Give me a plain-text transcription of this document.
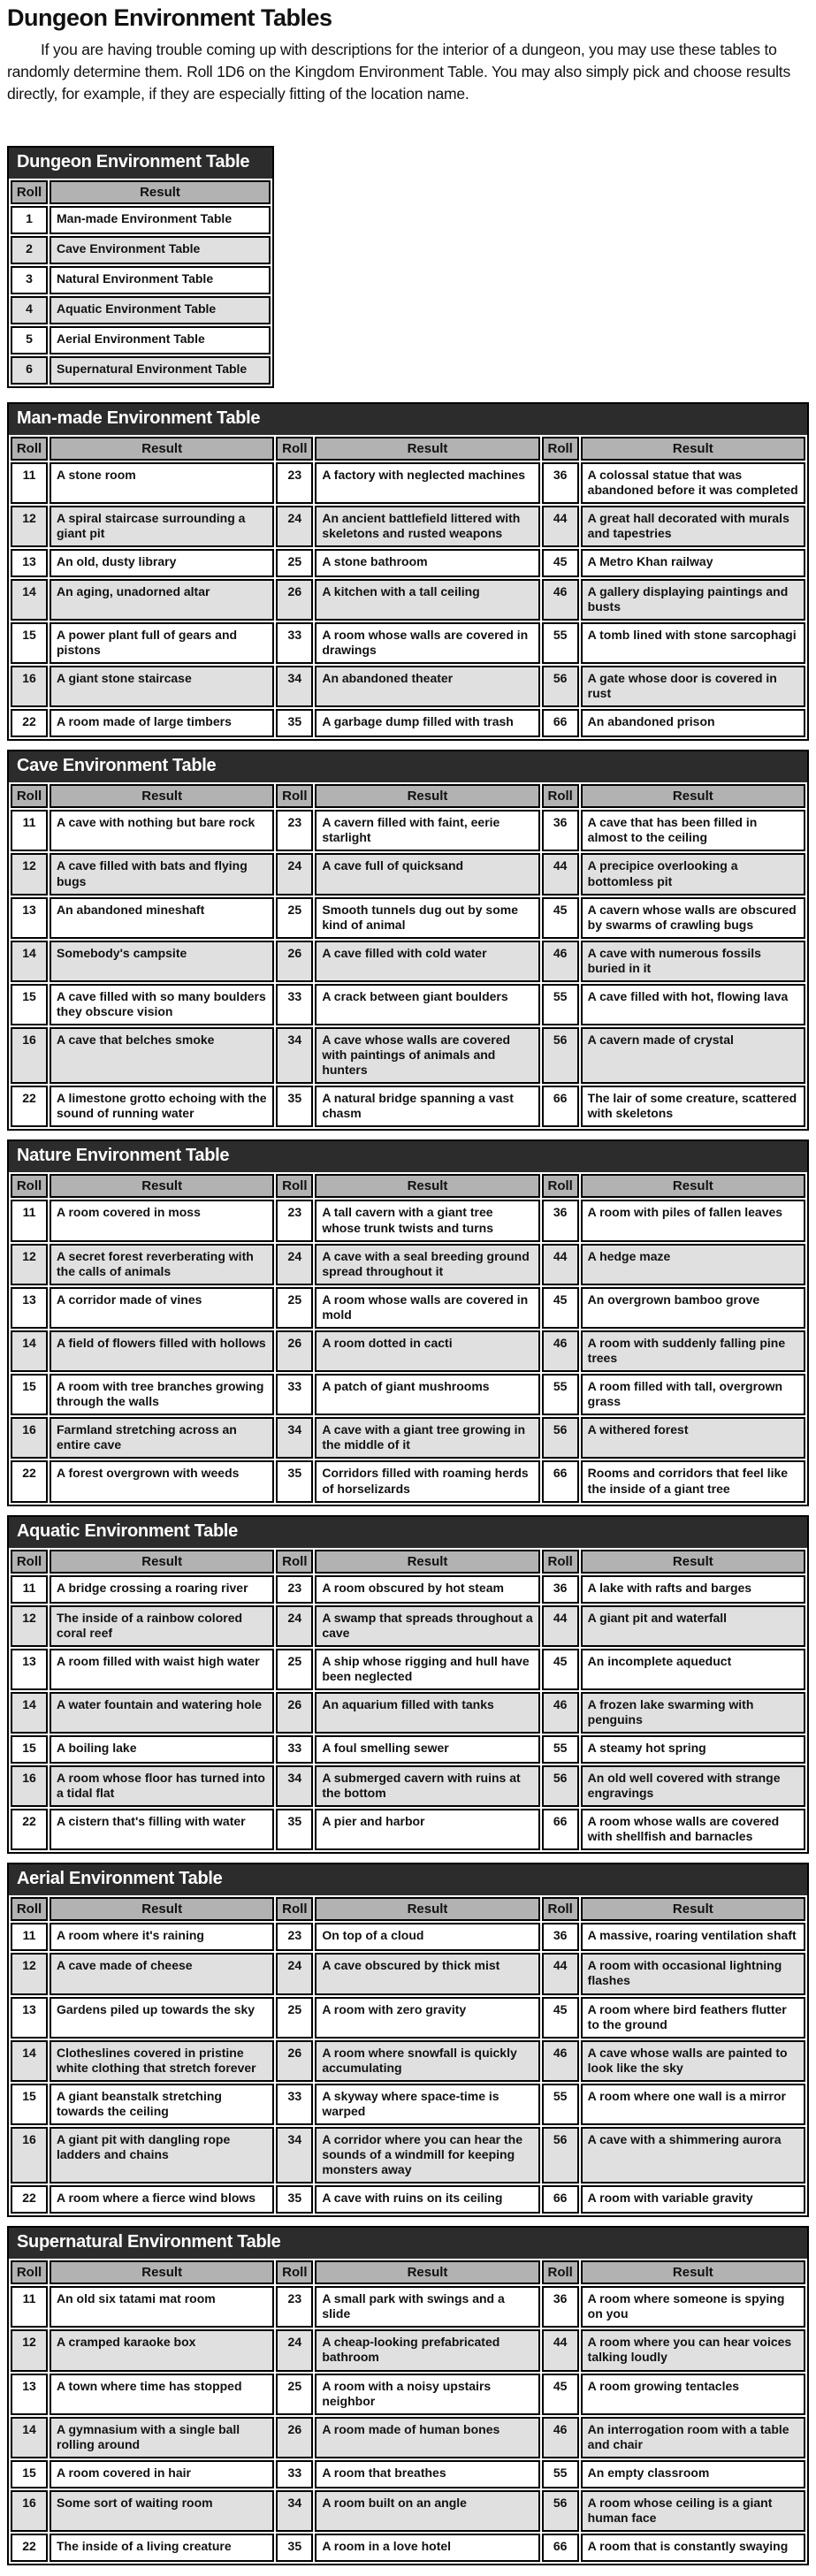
Dungeon Environment Tables

If you are having trouble coming up with descriptions for the interior of a dungeon, you may use these tables to randomly determine them. Roll 1D6 on the Kingdom Environment Table. You may also simply pick and choose results directly, for example, if they are especially fitting of the location name.

Dungeon Environment Table
Roll	Result
1	Man-made Environment Table
2	Cave Environment Table
3	Natural Environment Table
4	Aquatic Environment Table
5	Aerial Environment Table
6	Supernatural Environment Table
Man-made Environment Table
Roll	Result	Roll	Result	Roll	Result
11	A stone room	23	A factory with neglected machines	36	A colossal statue that was abandoned before it was completed
12	A spiral staircase surrounding a giant pit	24	An ancient battlefield littered with skeletons and rusted weapons	44	A great hall decorated with murals and tapestries
13	An old, dusty library	25	A stone bathroom	45	A Metro Khan railway
14	An aging, unadorned altar	26	A kitchen with a tall ceiling	46	A gallery displaying paintings and busts
15	A power plant full of gears and pistons	33	A room whose walls are covered in drawings	55	A tomb lined with stone sarcophagi
16	A giant stone staircase	34	An abandoned theater	56	A gate whose door is covered in rust
22	A room made of large timbers	35	A garbage dump filled with trash	66	An abandoned prison
Cave Environment Table
Roll	Result	Roll	Result	Roll	Result
11	A cave with nothing but bare rock	23	A cavern filled with faint, eerie starlight	36	A cave that has been filled in almost to the ceiling
12	A cave filled with bats and flying bugs	24	A cave full of quicksand	44	A precipice overlooking a bottomless pit
13	An abandoned mineshaft	25	Smooth tunnels dug out by some kind of animal	45	A cavern whose walls are obscured by swarms of crawling bugs
14	Somebody's campsite	26	A cave filled with cold water	46	A cave with numerous fossils buried in it
15	A cave filled with so many boulders they obscure vision	33	A crack between giant boulders	55	A cave filled with hot, flowing lava
16	A cave that belches smoke	34	A cave whose walls are covered with paintings of animals and hunters	56	A cavern made of crystal
22	A limestone grotto echoing with the sound of running water	35	A natural bridge spanning a vast chasm	66	The lair of some creature, scattered with skeletons
Nature Environment Table
Roll	Result	Roll	Result	Roll	Result
11	A room covered in moss	23	A tall cavern with a giant tree whose trunk twists and turns	36	A room with piles of fallen leaves
12	A secret forest reverberating with the calls of animals	24	A cave with a seal breeding ground spread throughout it	44	A hedge maze
13	A corridor made of vines	25	A room whose walls are covered in mold	45	An overgrown bamboo grove
14	A field of flowers filled with hollows	26	A room dotted in cacti	46	A room with suddenly falling pine trees
15	A room with tree branches growing through the walls	33	A patch of giant mushrooms	55	A room filled with tall, overgrown grass
16	Farmland stretching across an entire cave	34	A cave with a giant tree growing in the middle of it	56	A withered forest
22	A forest overgrown with weeds	35	Corridors filled with roaming herds of horselizards	66	Rooms and corridors that feel like the inside of a giant tree
Aquatic Environment Table
Roll	Result	Roll	Result	Roll	Result
11	A bridge crossing a roaring river	23	A room obscured by hot steam	36	A lake with rafts and barges
12	The inside of a rainbow colored coral reef	24	A swamp that spreads throughout a cave	44	A giant pit and waterfall
13	A room filled with waist high water	25	A ship whose rigging and hull have been neglected	45	An incomplete aqueduct
14	A water fountain and watering hole	26	An aquarium filled with tanks	46	A frozen lake swarming with penguins
15	A boiling lake	33	A foul smelling sewer	55	A steamy hot spring
16	A room whose floor has turned into a tidal flat	34	A submerged cavern with ruins at the bottom	56	An old well covered with strange engravings
22	A cistern that's filling with water	35	A pier and harbor	66	A room whose walls are covered with shellfish and barnacles
Aerial Environment Table
Roll	Result	Roll	Result	Roll	Result
11	A room where it's raining	23	On top of a cloud	36	A massive, roaring ventilation shaft
12	A cave made of cheese	24	A cave obscured by thick mist	44	A room with occasional lightning flashes
13	Gardens piled up towards the sky	25	A room with zero gravity	45	A room where bird feathers flutter to the ground
14	Clotheslines covered in pristine white clothing that stretch forever	26	A room where snowfall is quickly accumulating	46	A cave whose walls are painted to look like the sky
15	A giant beanstalk stretching towards the ceiling	33	A skyway where space-time is warped	55	A room where one wall is a mirror
16	A giant pit with dangling rope ladders and chains	34	A corridor where you can hear the sounds of a windmill for keeping monsters away	56	A cave with a shimmering aurora
22	A room where a fierce wind blows	35	A cave with ruins on its ceiling	66	A room with variable gravity
Supernatural Environment Table
Roll	Result	Roll	Result	Roll	Result
11	An old six tatami mat room	23	A small park with swings and a slide	36	A room where someone is spying on you
12	A cramped karaoke box	24	A cheap-looking prefabricated bathroom	44	A room where you can hear voices talking loudly
13	A town where time has stopped	25	A room with a noisy upstairs neighbor	45	A room growing tentacles
14	A gymnasium with a single ball rolling around	26	A room made of human bones	46	An interrogation room with a table and chair
15	A room covered in hair	33	A room that breathes	55	An empty classroom
16	Some sort of waiting room	34	A room built on an angle	56	A room whose ceiling is a giant human face
22	The inside of a living creature	35	A room in a love hotel	66	A room that is constantly swaying
